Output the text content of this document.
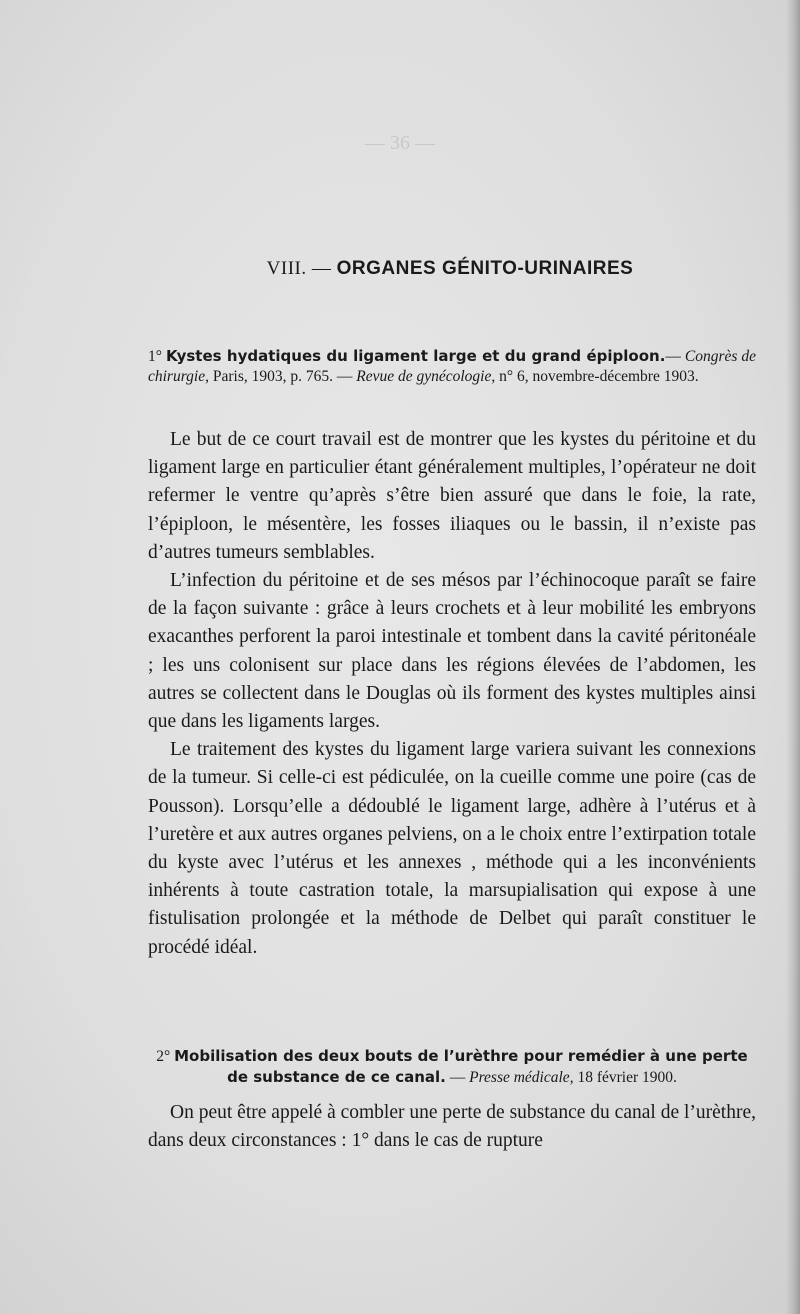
— 36 —
VIII. — ORGANES GÉNITO-URINAIRES
1° Kystes hydatiques du ligament large et du grand épiploon.— Congrès de chirurgie, Paris, 1903, p. 765. — Revue de gynécologie, n° 6, novembre-décembre 1903.

Le but de ce court travail est de montrer que les kystes du péritoine et du ligament large en particulier étant généralement multiples, l’opérateur ne doit refermer le ventre qu’après s’être bien assuré que dans le foie, la rate, l’épiploon, le mésentère, les fosses iliaques ou le bassin, il n’existe pas d’autres tumeurs semblables.

L’infection du péritoine et de ses mésos par l’échinocoque paraît se faire de la façon suivante : grâce à leurs crochets et à leur mobilité les embryons exacanthes perforent la paroi intestinale et tombent dans la cavité péritonéale ; les uns colonisent sur place dans les régions élevées de l’abdomen, les autres se collectent dans le Douglas où ils forment des kystes multiples ainsi que dans les ligaments larges.

Le traitement des kystes du ligament large variera suivant les connexions de la tumeur. Si celle-ci est pédiculée, on la cueille comme une poire (cas de Pousson). Lorsqu’elle a dédoublé le ligament large, adhère à l’utérus et à l’uretère et aux autres organes pelviens, on a le choix entre l’extirpation totale du kyste avec l’utérus et les annexes , méthode qui a les inconvénients inhérents à toute castration totale, la marsupialisation qui expose à une fistulisation prolongée et la méthode de Delbet qui paraît constituer le procédé idéal.

2° Mobilisation des deux bouts de l’urèthre pour remédier à une perte de substance de ce canal. — Presse médicale, 18 février 1900.

On peut être appelé à combler une perte de substance du canal de l’urèthre, dans deux circonstances : 1° dans le cas de rupture
